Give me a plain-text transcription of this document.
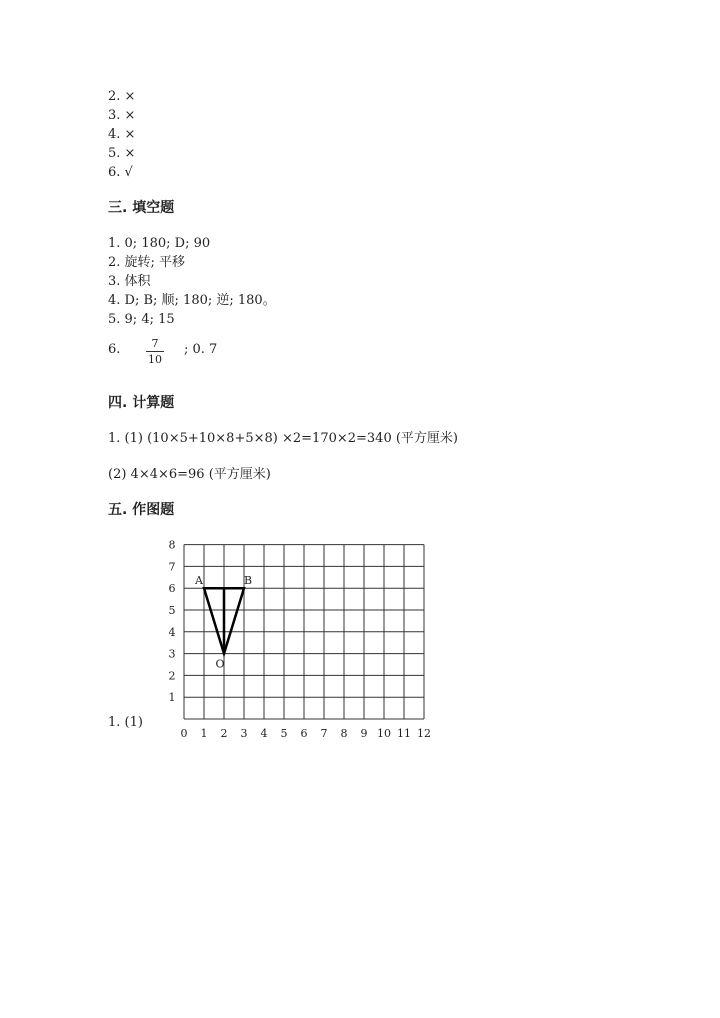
2. ×
3. ×
4. ×
5. ×
6. √
三. 填空题
1. 0; 180; D; 90
2. 旋转; 平移
3. 体积
4. D; B; 顺; 180; 逆; 180。
5. 9; 4; 15
6.	7
10
; 0. 7
四. 计算题
1. (1) (10×5+10×8+5×8) ×2=170×2=340 (平方厘米)
(2) 4×4×6=96 (平方厘米)
五. 作图题
1. (1)
0 1 2 3 4 5 6 7 8 9 10 11 12
1
2
3
4
5
6
7
8
A	B
O
